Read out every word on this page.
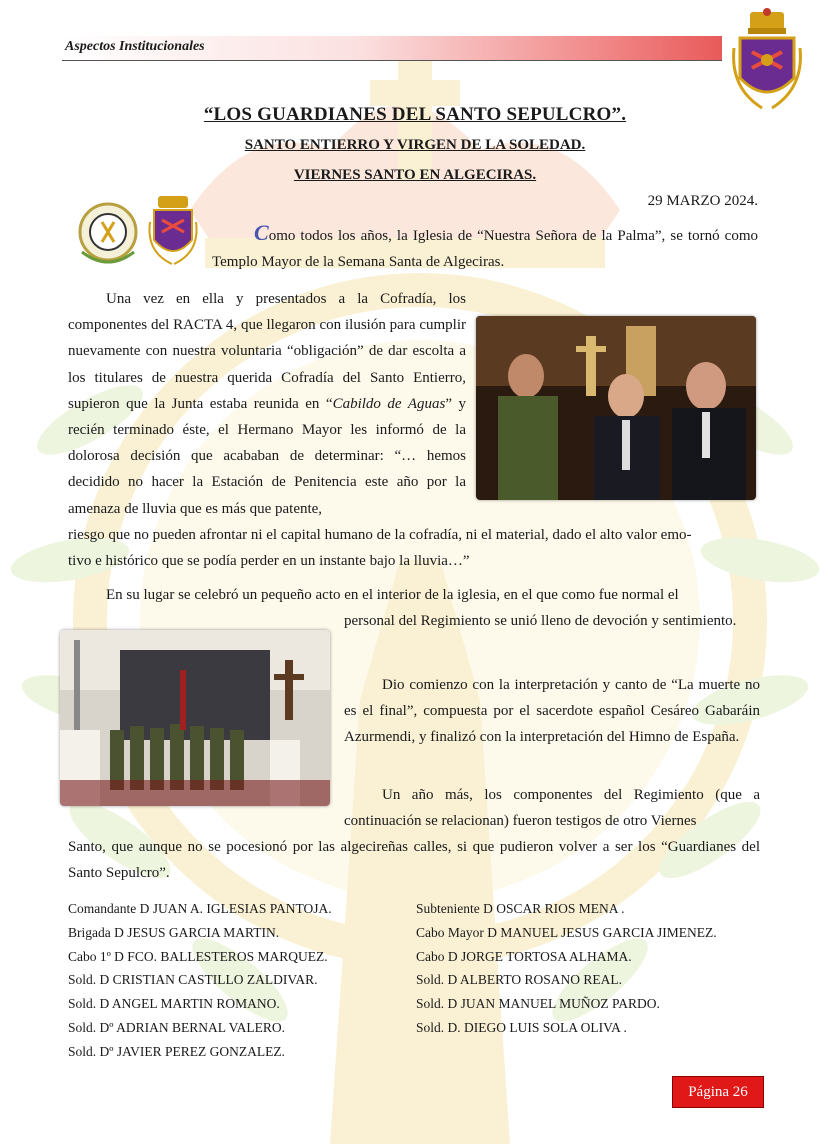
Aspectos Institucionales

“LOS GUARDIANES DEL SANTO SEPULCRO”.

SANTO ENTIERRO Y VIRGEN DE LA SOLEDAD.

VIERNES SANTO EN ALGECIRAS.

29 MARZO 2024.

Como todos los años, la Iglesia de “Nuestra Señora de la Palma”, se tornó como Templo Mayor de la Semana Santa de Algeciras.

Una vez en ella y presentados a la Cofradía, los componentes del RACTA 4, que llegaron con ilusión para cumplir nuevamente con nuestra voluntaria “obligación” de dar escolta a los titulares de nuestra querida Cofradía del Santo Entierro, supieron que la Junta estaba reunida en “Cabildo de Aguas” y recién terminado éste, el Hermano Mayor les informó de la dolorosa decisión que acababan de determinar: “… hemos decidido no hacer la Estación de Penitencia este año por la amenaza de lluvia que es más que patente,

riesgo que no pueden afrontar ni el capital humano de la cofradía, ni el material, dado el alto valor emo-

tivo e histórico que se podía perder en un instante bajo la lluvia…”

En su lugar se celebró un pequeño acto en el interior de la iglesia, en el que como fue normal el

personal del Regimiento se unió lleno de devoción y sentimiento.

Dio comienzo con la interpretación y canto de “La muerte no es el final”, compuesta por el sacerdote español Cesáreo Gabaráin Azurmendi, y finalizó con la interpretación del Himno de España.

Un año más, los componentes del Regimiento (que a continuación se relacionan) fueron testigos de otro Viernes

Santo, que aunque no se pocesionó por las algecireñas calles, si que pudieron volver a ser los “Guardianes del Santo Sepulcro”.

Comandante D JUAN A. IGLESIAS PANTOJA.
Brigada D JESUS GARCIA MARTIN.
Cabo 1º D FCO. BALLESTEROS MARQUEZ.
Sold. D CRISTIAN CASTILLO ZALDIVAR.
Sold. D ANGEL MARTIN ROMANO.
Sold. Dº ADRIAN BERNAL VALERO.
Sold. Dº JAVIER PEREZ GONZALEZ.
Subteniente D OSCAR RIOS MENA .
Cabo Mayor D MANUEL JESUS GARCIA JIMENEZ.
Cabo D JORGE TORTOSA ALHAMA.
Sold. D ALBERTO ROSANO REAL.
Sold. D JUAN MANUEL MUÑOZ PARDO.
Sold. D. DIEGO LUIS SOLA OLIVA .
Página 26
